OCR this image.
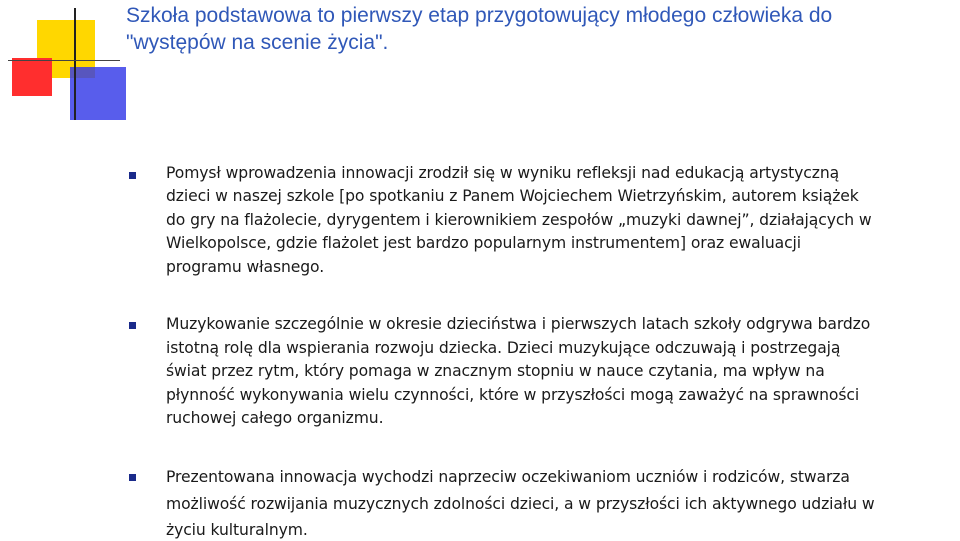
Szkoła podstawowa to pierwszy etap przygotowujący młodego człowieka do
"występów na scenie życia".

Pomysł wprowadzenia innowacji zrodził się w wyniku refleksji nad edukacją artystyczną
dzieci w naszej szkole [po spotkaniu z Panem Wojciechem Wietrzyńskim, autorem książek
do gry na flażolecie, dyrygentem i kierownikiem zespołów „muzyki dawnej”, działających w
Wielkopolsce, gdzie flażolet jest bardzo popularnym instrumentem] oraz ewaluacji
programu własnego.

Muzykowanie szczególnie w okresie dzieciństwa i pierwszych latach szkoły odgrywa bardzo
istotną rolę dla wspierania rozwoju dziecka. Dzieci muzykujące odczuwają i postrzegają
świat przez rytm, który pomaga w znacznym stopniu w nauce czytania, ma wpływ na
płynność wykonywania wielu czynności, które w przyszłości mogą zaważyć na sprawności
ruchowej całego organizmu.

Prezentowana innowacja wychodzi naprzeciw oczekiwaniom uczniów i rodziców, stwarza
możliwość rozwijania muzycznych zdolności dzieci, a w przyszłości ich aktywnego udziału w
życiu kulturalnym.
